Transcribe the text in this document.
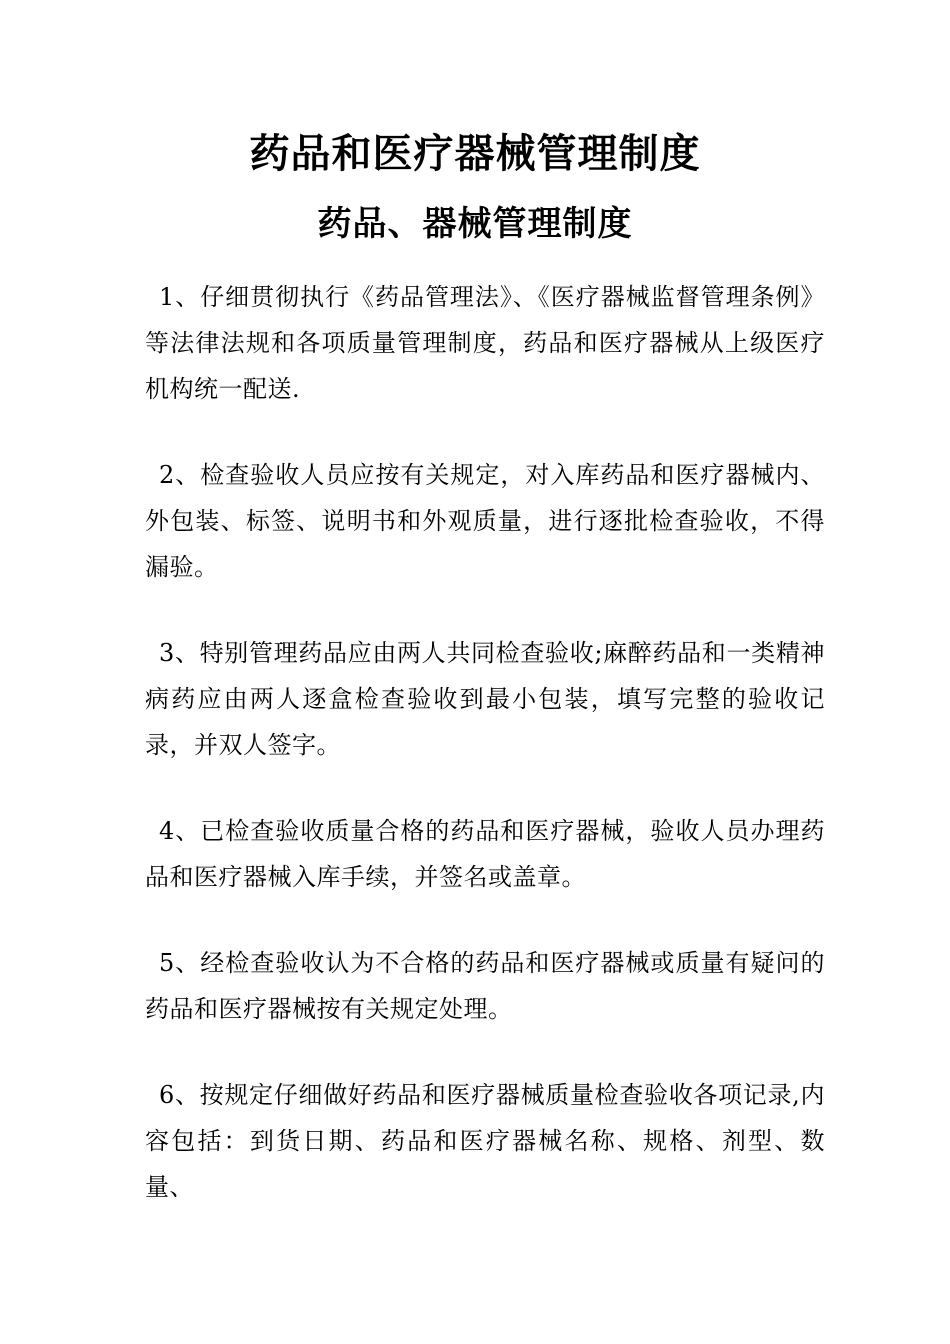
药品和医疗器械管理制度
药品、器械管理制度

1、仔细贯彻执行《药品管理法》、《医疗器械监督管理条例》等法律法规和各项质量管理制度，药品和医疗器械从上级医疗机构统一配送.

2、检查验收人员应按有关规定，对入库药品和医疗器械内、外包装、标签、说明书和外观质量，进行逐批检查验收，不得漏验。

3、特别管理药品应由两人共同检查验收;麻醉药品和一类精神病药应由两人逐盒检查验收到最小包装，填写完整的验收记录，并双人签字。

4、已检查验收质量合格的药品和医疗器械，验收人员办理药品和医疗器械入库手续，并签名或盖章。

5、经检查验收认为不合格的药品和医疗器械或质量有疑问的药品和医疗器械按有关规定处理。

6、按规定仔细做好药品和医疗器械质量检查验收各项记录,内容包括：到货日期、药品和医疗器械名称、规格、剂型、数量、
